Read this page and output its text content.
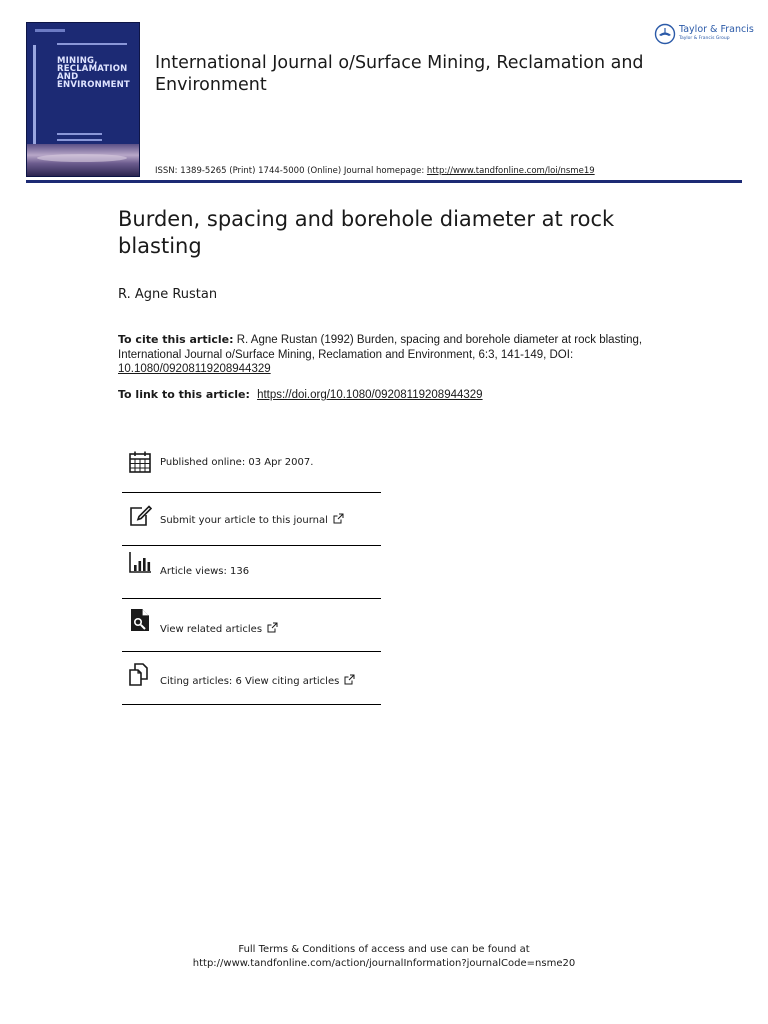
MINING, RECLAMATION AND ENVIRONMENT
International Journal o/Surface Mining, Reclamation and Environment
Taylor & Francis
Taylor & Francis Group
ISSN: 1389-5265 (Print) 1744-5000 (Online) Journal homepage: http://www.tandfonline.com/loi/nsme19
Burden, spacing and borehole diameter at rock blasting
R. Agne Rustan
To cite this article: R. Agne Rustan (1992) Burden, spacing and borehole diameter at rock blasting, International Journal o/Surface Mining, Reclamation and Environment, 6:3, 141-149, DOI:
10.1080/09208119208944329
To link to this article: https://doi.org/10.1080/09208119208944329
Published online: 03 Apr 2007.
Submit your article to this journal
Article views: 136
View related articles
Citing articles: 6 View citing articles
Full Terms & Conditions of access and use can be found at
http://www.tandfonline.com/action/journalInformation?journalCode=nsme20
